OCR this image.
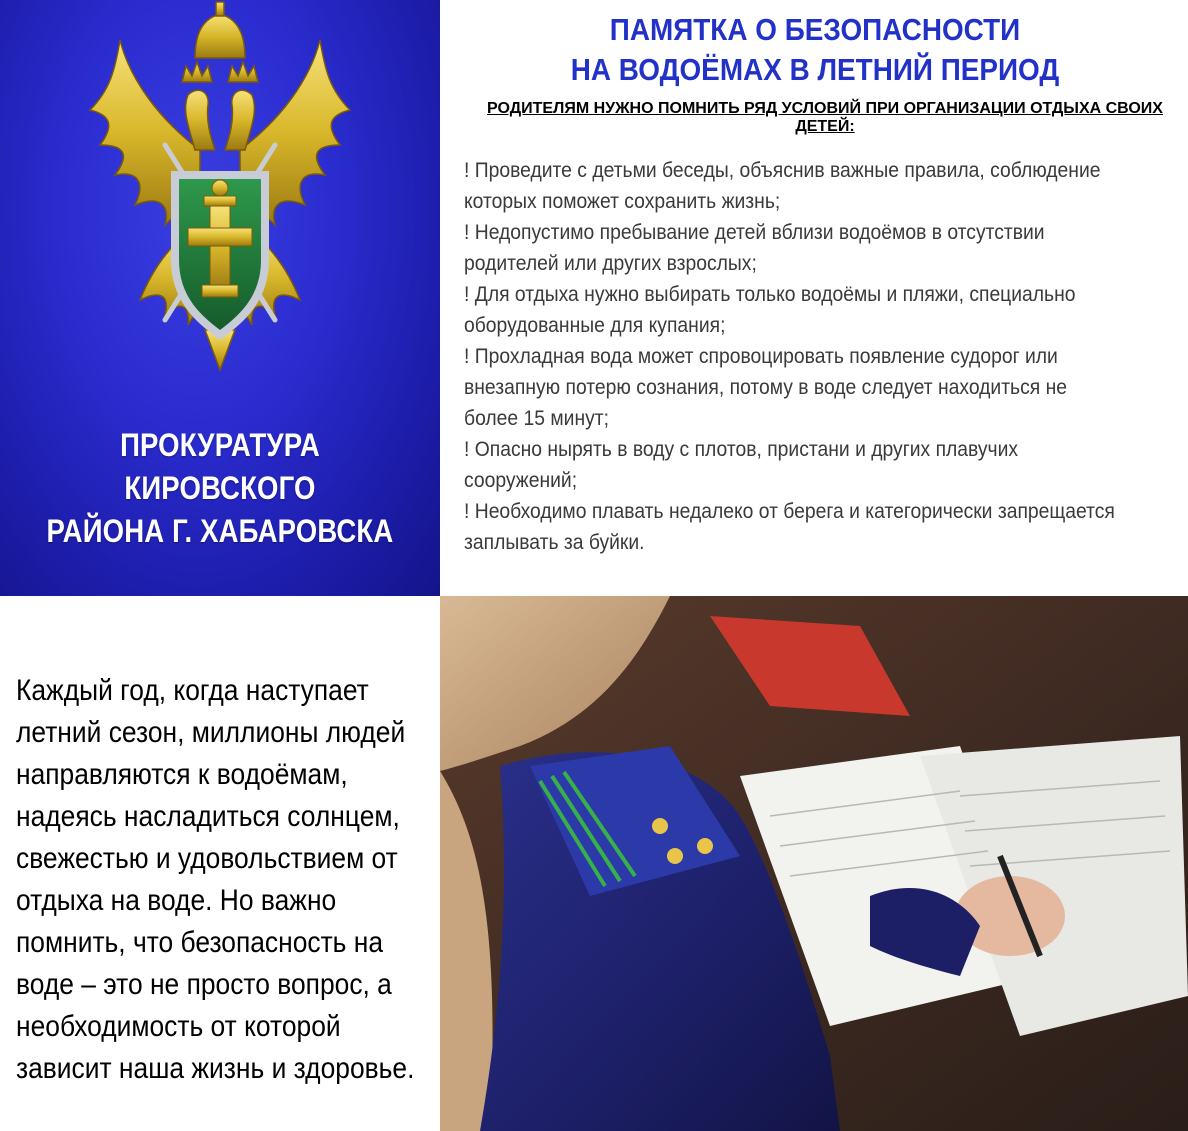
ПРОКУРАТУРА
КИРОВСКОГО
РАЙОНА Г. ХАБАРОВСКА
ПАМЯТКА О БЕЗОПАСНОСТИ
НА ВОДОЁМАХ В ЛЕТНИЙ ПЕРИОД
РОДИТЕЛЯМ НУЖНО ПОМНИТЬ РЯД УСЛОВИЙ ПРИ ОРГАНИЗАЦИИ ОТДЫХА СВОИХ ДЕТЕЙ:
! Проведите с детьми беседы, объяснив важные правила, соблюдение которых поможет сохранить жизнь;
! Недопустимо пребывание детей вблизи водоёмов в отсутствии родителей или других взрослых;
! Для отдыха нужно выбирать только водоёмы и пляжи, специально оборудованные для купания;
! Прохладная вода может спровоцировать появление судорог или внезапную потерю сознания, потому в воде следует находиться не более 15 минут;
! Опасно нырять в воду с плотов, пристани и других плавучих сооружений;
! Необходимо плавать недалеко от берега и категорически запрещается заплывать за буйки.
Каждый год, когда наступает летний сезон, миллионы людей направляются к водоёмам, надеясь насладиться солнцем, свежестью и удовольствием от отдыха на воде. Но важно помнить, что безопасность на воде – это не просто вопрос, а необходимость от которой зависит наша жизнь и здоровье.
